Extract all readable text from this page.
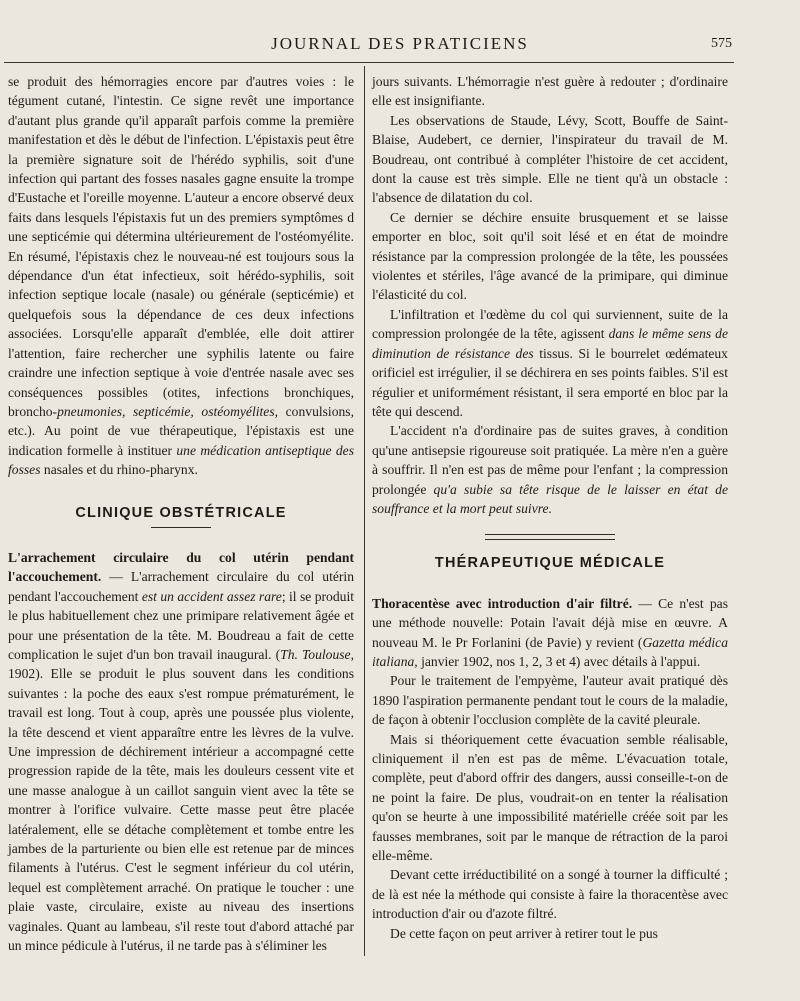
JOURNAL DES PRATICIENS	575

se produit des hémorragies encore par d'autres voies : le tégument cutané, l'intestin. Ce signe revêt une importance d'autant plus grande qu'il apparaît parfois comme la première manifestation et dès le début de l'infection. L'épistaxis peut être la première signature soit de l'hérédo syphilis, soit d'une infection qui partant des fosses nasales gagne ensuite la trompe d'Eustache et l'oreille moyenne. L'auteur a encore observé deux faits dans lesquels l'épistaxis fut un des premiers symptômes d une septicémie qui détermina ultérieurement de l'ostéomyélite. En résumé, l'épistaxis chez le nouveau-né est toujours sous la dépendance d'un état infectieux, soit hérédo-syphilis, soit infection septique locale (nasale) ou générale (septicémie) et quelquefois sous la dépendance de ces deux infections associées. Lorsqu'elle apparaît d'emblée, elle doit attirer l'attention, faire rechercher une syphilis latente ou faire craindre une infection septique à voie d'entrée nasale avec ses conséquences possibles (otites, infections bronchiques, broncho-pneumonies, septicémie, ostéomyélites, convulsions, etc.). Au point de vue thérapeutique, l'épistaxis est une indication formelle à instituer une médication antiseptique des fosses nasales et du rhino-pharynx.

CLINIQUE OBSTÉTRICALE

L'arrachement circulaire du col utérin pendant l'accouchement. — L'arrachement circulaire du col utérin pendant l'accouchement est un accident assez rare; il se produit le plus habituellement chez une primipare relativement âgée et pour une présentation de la tête. M. Boudreau a fait de cette complication le sujet d'un bon travail inaugural. (Th. Toulouse, 1902). Elle se produit le plus souvent dans les conditions suivantes : la poche des eaux s'est rompue prématurément, le travail est long. Tout à coup, après une poussée plus violente, la tête descend et vient apparaître entre les lèvres de la vulve. Une impression de déchirement intérieur a accompagné cette progression rapide de la tête, mais les douleurs cessent vite et une masse analogue à un caillot sanguin vient avec la tête se montrer à l'orifice vulvaire. Cette masse peut être placée latéralement, elle se détache complètement et tombe entre les jambes de la parturiente ou bien elle est retenue par de minces filaments à l'utérus. C'est le segment inférieur du col utérin, lequel est complètement arraché. On pratique le toucher : une plaie vaste, circulaire, existe au niveau des insertions vaginales. Quant au lambeau, s'il reste tout d'abord attaché par un mince pédicule à l'utérus, il ne tarde pas à s'éliminer les

jours suivants. L'hémorragie n'est guère à redouter ; d'ordinaire elle est insignifiante.

Les observations de Staude, Lévy, Scott, Bouffe de Saint-Blaise, Audebert, ce dernier, l'inspirateur du travail de M. Boudreau, ont contribué à compléter l'histoire de cet accident, dont la cause est très simple. Elle ne tient qu'à un obstacle : l'absence de dilatation du col.

Ce dernier se déchire ensuite brusquement et se laisse emporter en bloc, soit qu'il soit lésé et en état de moindre résistance par la compression prolongée de la tête, les poussées violentes et stériles, l'âge avancé de la primipare, qui diminue l'élasticité du col.

L'infiltration et l'œdème du col qui surviennent, suite de la compression prolongée de la tête, agissent dans le même sens de diminution de résistance des tissus. Si le bourrelet œdémateux orificiel est irrégulier, il se déchirera en ses points faibles. S'il est régulier et uniformément résistant, il sera emporté en bloc par la tête qui descend.

L'accident n'a d'ordinaire pas de suites graves, à condition qu'une antisepsie rigoureuse soit pratiquée. La mère n'en a guère à souffrir. Il n'en est pas de même pour l'enfant ; la compression prolongée qu'a subie sa tête risque de le laisser en état de souffrance et la mort peut suivre.

THÉRAPEUTIQUE MÉDICALE

Thoracentèse avec introduction d'air filtré. — Ce n'est pas une méthode nouvelle: Potain l'avait déjà mise en œuvre. A nouveau M. le Pr Forlanini (de Pavie) y revient (Gazetta médica italiana, janvier 1902, nos 1, 2, 3 et 4) avec détails à l'appui.

Pour le traitement de l'empyème, l'auteur avait pratiqué dès 1890 l'aspiration permanente pendant tout le cours de la maladie, de façon à obtenir l'occlusion complète de la cavité pleurale.

Mais si théoriquement cette évacuation semble réalisable, cliniquement il n'en est pas de même. L'évacuation totale, complète, peut d'abord offrir des dangers, aussi conseille-t-on de ne point la faire. De plus, voudrait-on en tenter la réalisation qu'on se heurte à une impossibilité matérielle créée soit par les fausses membranes, soit par le manque de rétraction de la paroi elle-même.

Devant cette irréductibilité on a songé à tourner la difficulté ; de là est née la méthode qui consiste à faire la thoracentèse avec introduction d'air ou d'azote filtré.

De cette façon on peut arriver à retirer tout le pus
